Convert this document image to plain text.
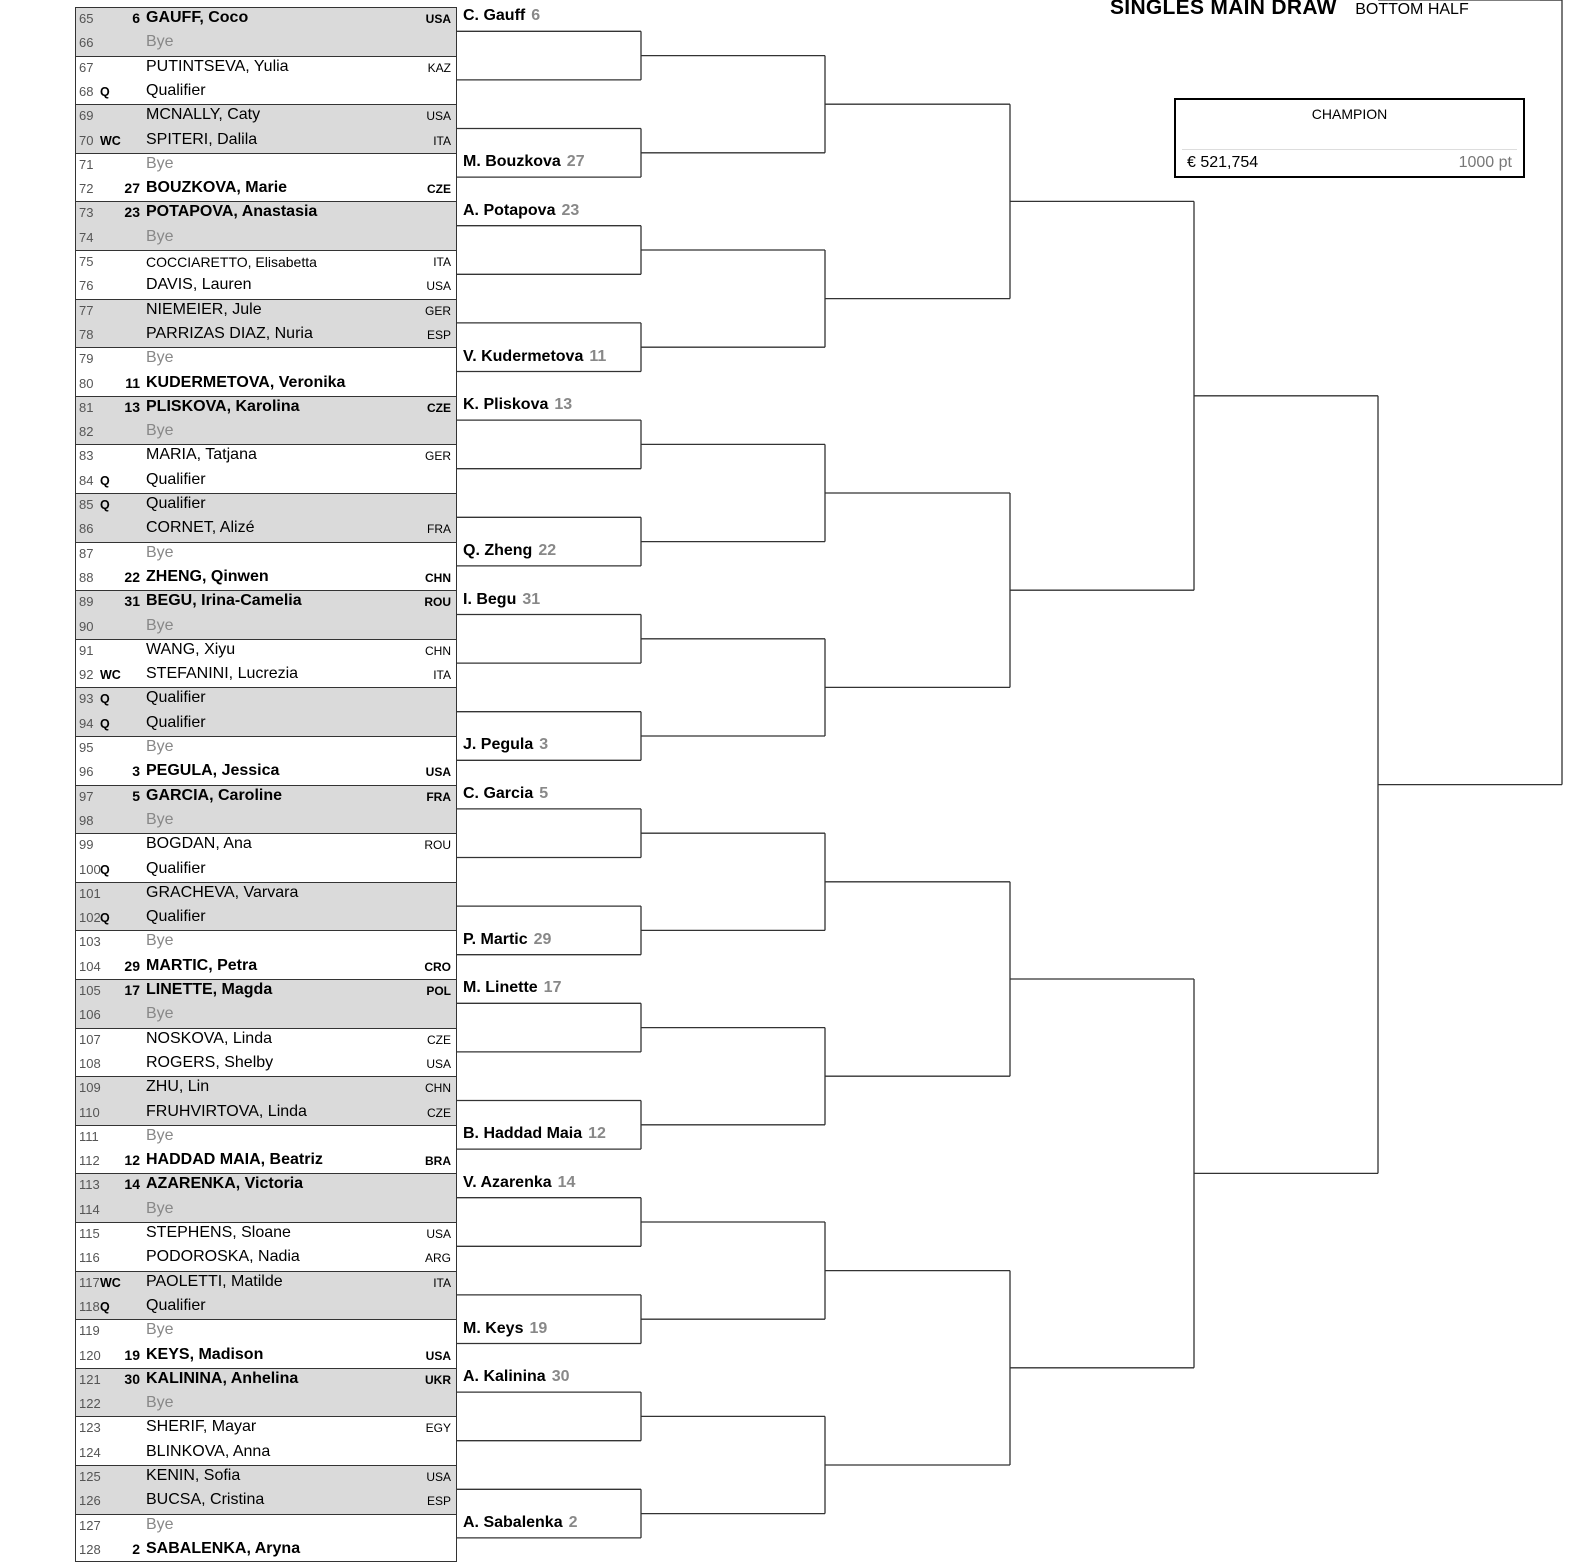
SINGLES MAIN DRAW BOTTOM HALF
65	6 GAUFF, Coco	USA
66	Bye
67	PUTINTSEVA, Yulia	KAZ
68 Q Qualifier
69	MCNALLY, Caty	USA
70 WC SPITERI, Dalila	ITA
71	Bye
72 27 BOUZKOVA, Marie	CZE
73 23 POTAPOVA, Anastasia
74	Bye
75	COCCIARETTO, Elisabetta	ITA
76	DAVIS, Lauren	USA
77	NIEMEIER, Jule	GER
78	PARRIZAS DIAZ, Nuria	ESP
79	Bye
80 11 KUDERMETOVA, Veronika
81 13 PLISKOVA, Karolina	CZE
82	Bye
83	MARIA, Tatjana	GER
84 Q Qualifier
85 Q Qualifier
86	CORNET, Alizé	FRA
87	Bye
88 22 ZHENG, Qinwen	CHN
89 31 BEGU, Irina-Camelia	ROU
90	Bye
91	WANG, Xiyu	CHN
92 WC STEFANINI, Lucrezia	ITA
93 Q Qualifier
94 Q Qualifier
95	Bye
96	3 PEGULA, Jessica	USA
97	5 GARCIA, Caroline	FRA
98	Bye
99	BOGDAN, Ana	ROU
100 Q Qualifier
101	GRACHEVA, Varvara
102 Q Qualifier
103	Bye
104 29 MARTIC, Petra	CRO
105 17 LINETTE, Magda	POL
106	Bye
107	NOSKOVA, Linda	CZE
108	ROGERS, Shelby	USA
109	ZHU, Lin	CHN
110	FRUHVIRTOVA, Linda	CZE
111	Bye
112 12 HADDAD MAIA, Beatriz	BRA
113 14 AZARENKA, Victoria
114	Bye
115	STEPHENS, Sloane	USA
116	PODOROSKA, Nadia	ARG
117 WC PAOLETTI, Matilde	ITA
118 Q Qualifier
119	Bye
120 19 KEYS, Madison	USA
121 30 KALININA, Anhelina	UKR
122	Bye
123	SHERIF, Mayar	EGY
124	BLINKOVA, Anna
125	KENIN, Sofia	USA
126	BUCSA, Cristina	ESP
127	Bye
128 2 SABALENKA, Aryna
C. Gauff 6
M. Bouzkova 27
A. Potapova 23
V. Kudermetova 11
K. Pliskova 13
Q. Zheng 22
I. Begu 31
J. Pegula 3
C. Garcia 5
P. Martic 29
M. Linette 17
B. Haddad Maia 12
V. Azarenka 14
M. Keys 19
A. Kalinina 30
A. Sabalenka 2
CHAMPION
€ 521,754	1000 pt
